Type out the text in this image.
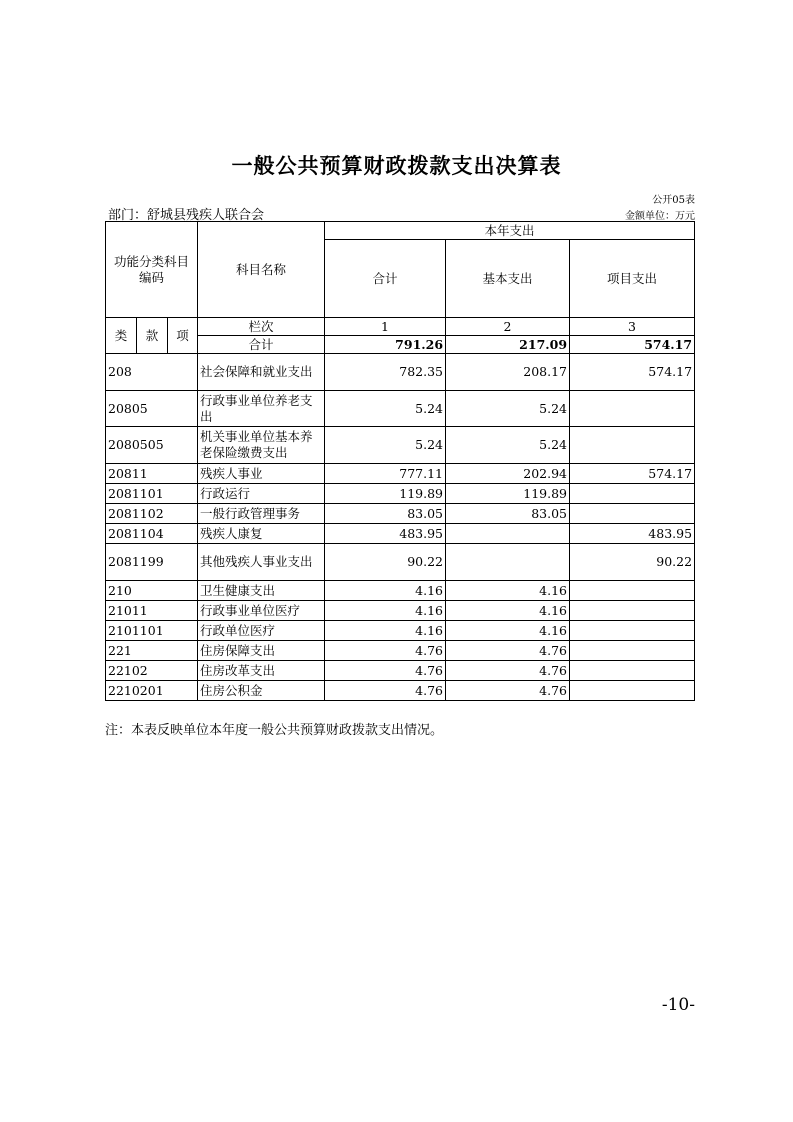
一般公共预算财政拨款支出决算表
公开05表
部门：舒城县残疾人联合会	金额单位：万元
功能分类科目编码			科目名称	本年支出		
				合计	基本支出	项目支出
类	款	项	栏次	1	2	3
			合计	791.26	217.09	574.17
208			社会保障和就业支出	782.35	208.17	574.17
20805			行政事业单位养老支出	5.24	5.24	
2080505			机关事业单位基本养老保险缴费支出	5.24	5.24	
20811			残疾人事业	777.11	202.94	574.17
2081101			行政运行	119.89	119.89	
2081102			一般行政管理事务	83.05	83.05	
2081104			残疾人康复	483.95		483.95
2081199			其他残疾人事业支出	90.22		90.22
210			卫生健康支出	4.16	4.16	
21011			行政事业单位医疗	4.16	4.16	
2101101			行政单位医疗	4.16	4.16	
221			住房保障支出	4.76	4.76	
22102			住房改革支出	4.76	4.76	
2210201			住房公积金	4.76	4.76	
注：本表反映单位本年度一般公共预算财政拨款支出情况。
-10-
